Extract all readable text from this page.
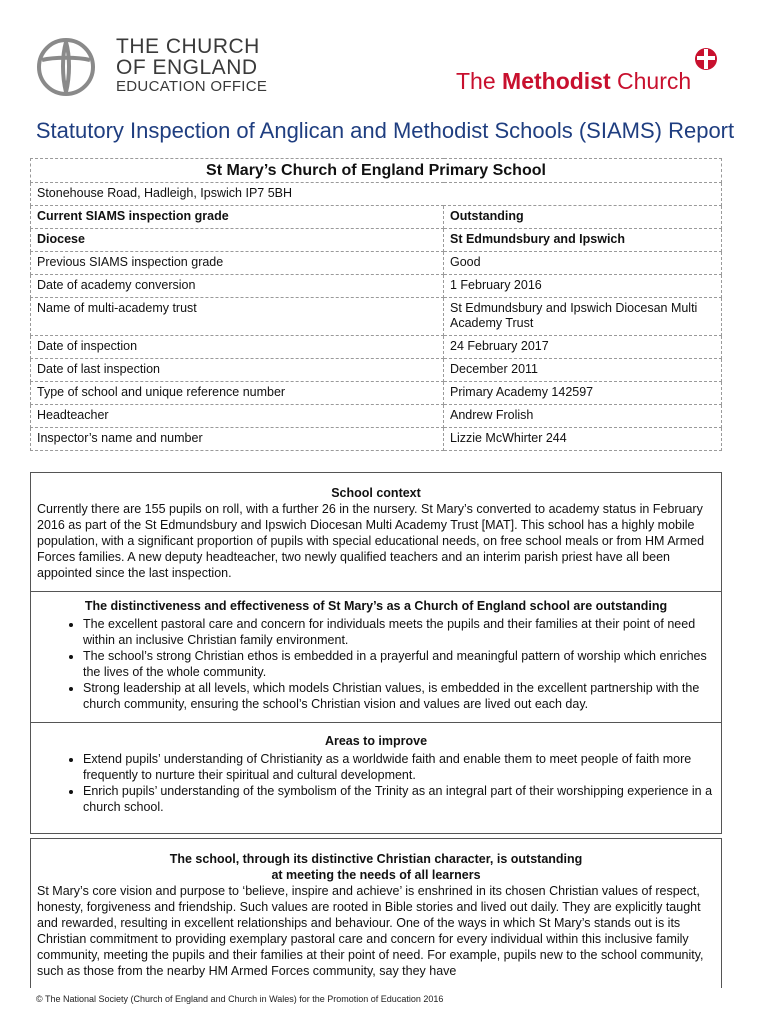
THE CHURCH
OF ENGLAND
EDUCATION OFFICE	The Methodist Church
Statutory Inspection of Anglican and Methodist Schools (SIAMS) Report
St Mary’s Church of England Primary School	
Stonehouse Road, Hadleigh, Ipswich IP7 5BH	
Current SIAMS inspection grade	Outstanding
Diocese	St Edmundsbury and Ipswich
Previous SIAMS inspection grade	Good
Date of academy conversion	1 February 2016
Name of multi-academy trust	St Edmundsbury and Ipswich Diocesan Multi Academy Trust
Date of inspection	24 February 2017
Date of last inspection	December 2011
Type of school and unique reference number	Primary Academy 142597
Headteacher	Andrew Frolish
Inspector’s name and number	Lizzie McWhirter 244
School context

Currently there are 155 pupils on roll, with a further 26 in the nursery. St Mary’s converted to academy status in February 2016 as part of the St Edmundsbury and Ipswich Diocesan Multi Academy Trust [MAT]. This school has a highly mobile population, with a significant proportion of pupils with special educational needs, on free school meals or from HM Armed Forces families. A new deputy headteacher, two newly qualified teachers and an interim parish priest have all been appointed since the last inspection.

The distinctiveness and effectiveness of St Mary’s as a Church of England school are outstanding
• The excellent pastoral care and concern for individuals meets the pupils and their families at their point of need within an inclusive Christian family environment.
• The school’s strong Christian ethos is embedded in a prayerful and meaningful pattern of worship which enriches the lives of the whole community.
• Strong leadership at all levels, which models Christian values, is embedded in the excellent partnership with the church community, ensuring the school’s Christian vision and values are lived out each day.
Areas to improve
• Extend pupils’ understanding of Christianity as a worldwide faith and enable them to meet people of faith more frequently to nurture their spiritual and cultural development.
• Enrich pupils’ understanding of the symbolism of the Trinity as an integral part of their worshipping experience in a church school.
The school, through its distinctive Christian character, is outstanding
at meeting the needs of all learners

St Mary’s core vision and purpose to ‘believe, inspire and achieve’ is enshrined in its chosen Christian values of respect, honesty, forgiveness and friendship. Such values are rooted in Bible stories and lived out daily. They are explicitly taught and rewarded, resulting in excellent relationships and behaviour. One of the ways in which St Mary’s stands out is its Christian commitment to providing exemplary pastoral care and concern for every individual within this inclusive family community, meeting the pupils and their families at their point of need. For example, pupils new to the school community, such as those from the nearby HM Armed Forces community, say they have

© The National Society (Church of England and Church in Wales) for the Promotion of Education 2016
